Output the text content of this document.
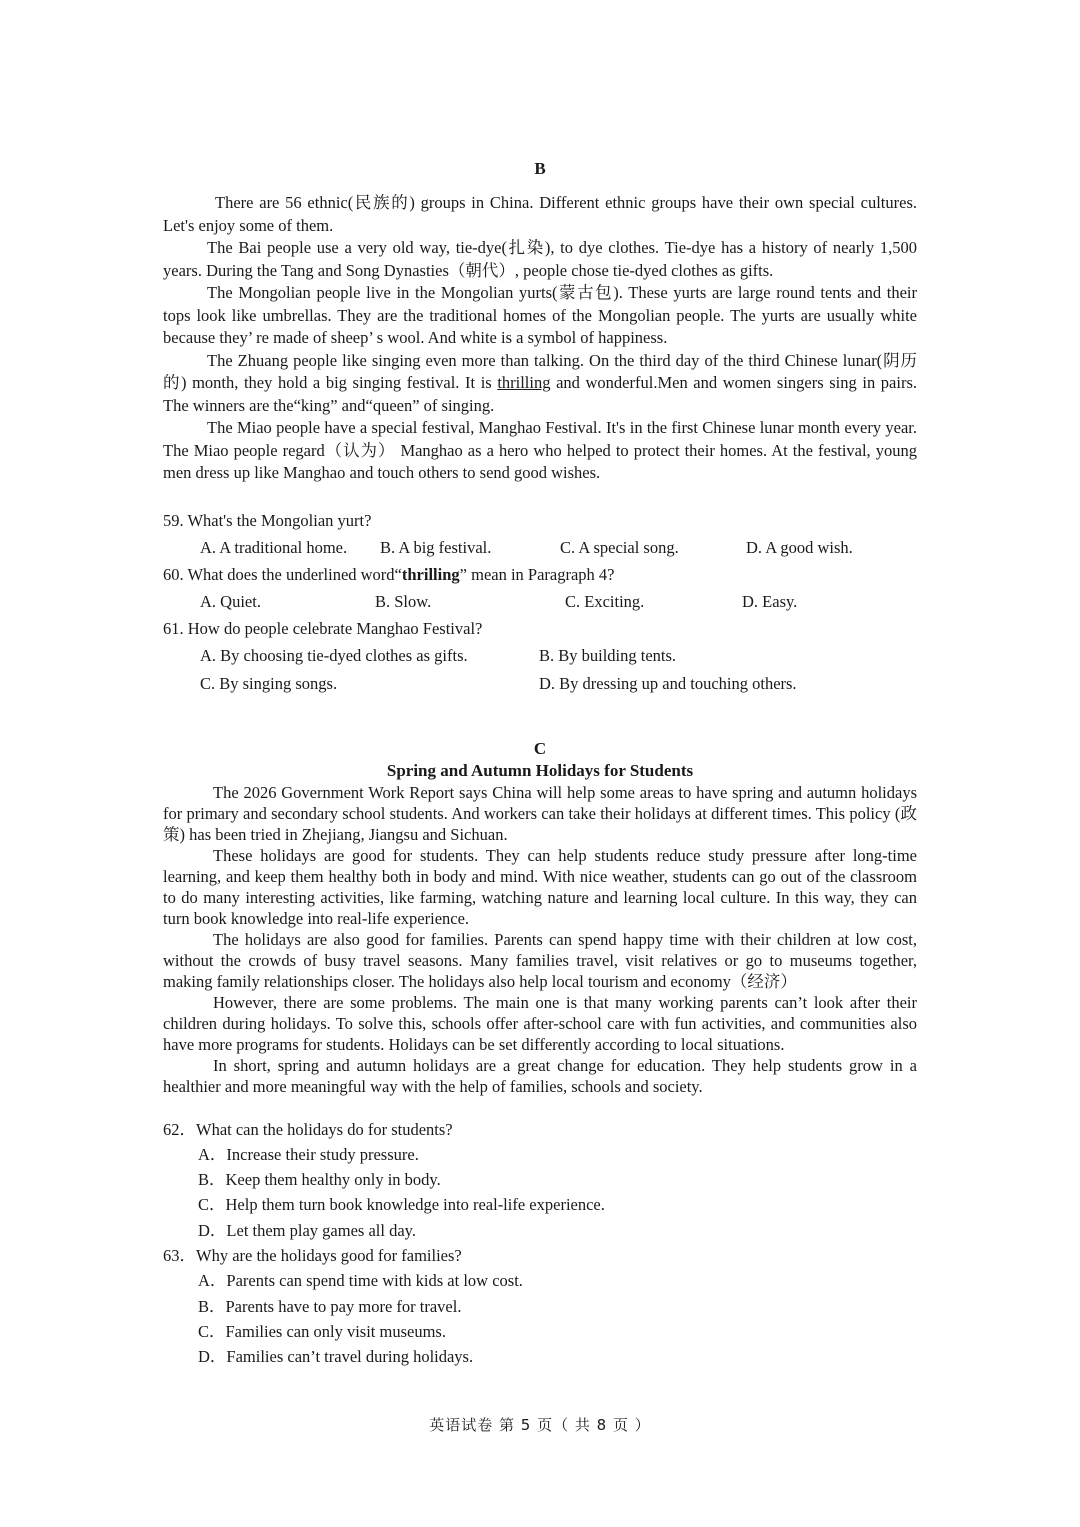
B

There are 56 ethnic(民族的) groups in China. Different ethnic groups have their own special cultures. Let's enjoy some of them.

The Bai people use a very old way, tie-dye(扎染), to dye clothes. Tie-dye has a history of nearly 1,500 years. During the Tang and Song Dynasties（朝代）, people chose tie-dyed clothes as gifts.

The Mongolian people live in the Mongolian yurts(蒙古包). These yurts are large round tents and their tops look like umbrellas. They are the traditional homes of the Mongolian people. The yurts are usually white because they’ re made of sheep’ s wool. And white is a symbol of happiness.

The Zhuang people like singing even more than talking. On the third day of the third Chinese lunar(阴历的) month, they hold a big singing festival. It is thrilling and wonderful.Men and women singers sing in pairs. The winners are the“king” and“queen” of singing.

The Miao people have a special festival, Manghao Festival. It's in the first Chinese lunar month every year. The Miao people regard（认为） Manghao as a hero who helped to protect their homes. At the festival, young men dress up like Manghao and touch others to send good wishes.

59. What's the Mongolian yurt?

A. A traditional home.	B. A big festival.	C. A special song.	D. A good wish.

60. What does the underlined word“thrilling” mean in Paragraph 4?

A. Quiet.	B. Slow.	C. Exciting.	D. Easy.

61. How do people celebrate Manghao Festival?

A. By choosing tie-dyed clothes as gifts.	B. By building tents.
C. By singing songs.	D. By dressing up and touching others.
C
Spring and Autumn Holidays for Students

The 2026 Government Work Report says China will help some areas to have spring and autumn holidays for primary and secondary school students. And workers can take their holidays at different times. This policy (政策) has been tried in Zhejiang, Jiangsu and Sichuan.

These holidays are good for students. They can help students reduce study pressure after long-time learning, and keep them healthy both in body and mind. With nice weather, students can go out of the classroom to do many interesting activities, like farming, watching nature and learning local culture. In this way, they can turn book knowledge into real-life experience.

The holidays are also good for families. Parents can spend happy time with their children at low cost, without the crowds of busy travel seasons. Many families travel, visit relatives or go to museums together, making family relationships closer. The holidays also help local tourism and economy（经济）

However, there are some problems. The main one is that many working parents can’t look after their children during holidays. To solve this, schools offer after-school care with fun activities, and communities also have more programs for students. Holidays can be set differently according to local situations.

In short, spring and autumn holidays are a great change for education. They help students grow in a healthier and more meaningful way with the help of families, schools and society.

62．What can the holidays do for students?

A．Increase their study pressure.

B．Keep them healthy only in body.

C．Help them turn book knowledge into real-life experience.

D．Let them play games all day.

63．Why are the holidays good for families?

A．Parents can spend time with kids at low cost.

B．Parents have to pay more for travel.

C．Families can only visit museums.

D．Families can’t travel during holidays.

英语试卷 第 5 页（ 共 8 页 ）
